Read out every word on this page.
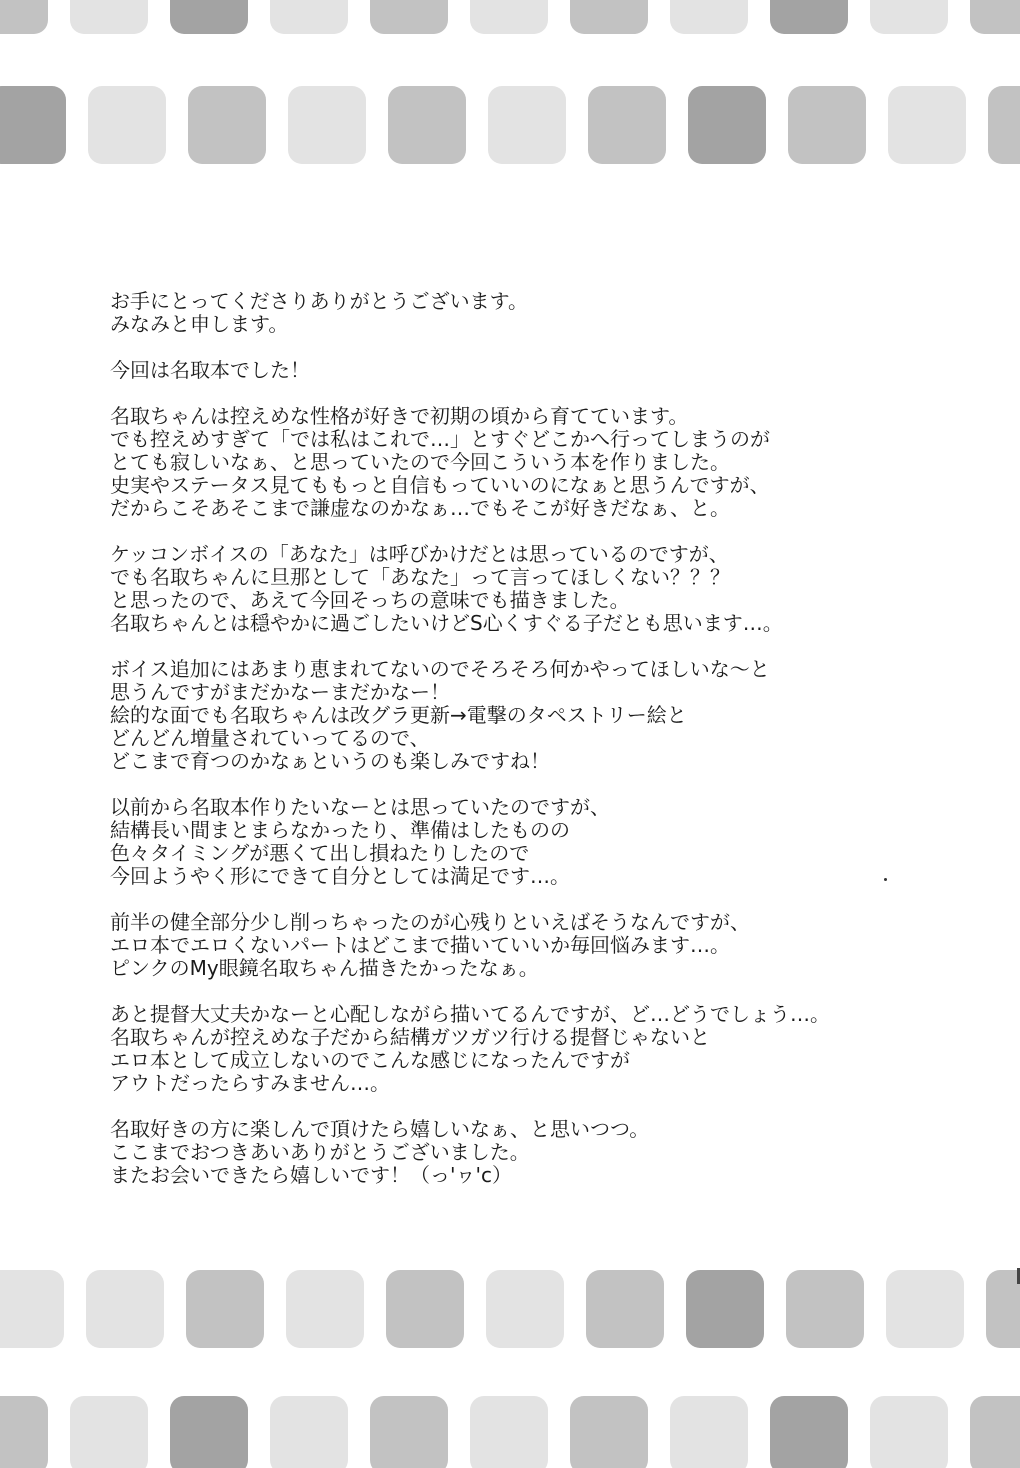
お手にとってくださりありがとうございます。
みなみと申します。
今回は名取本でした！
名取ちゃんは控えめな性格が好きで初期の頃から育てています。
でも控えめすぎて「では私はこれで…」とすぐどこかへ行ってしまうのが
とても寂しいなぁ、と思っていたので今回こういう本を作りました。
史実やステータス見てももっと自信もっていいのになぁと思うんですが、
だからこそあそこまで謙虚なのかなぁ…でもそこが好きだなぁ、と。
ケッコンボイスの「あなた」は呼びかけだとは思っているのですが、
でも名取ちゃんに旦那として「あなた」って言ってほしくない？？？
と思ったので、あえて今回そっちの意味でも描きました。
名取ちゃんとは穏やかに過ごしたいけどS心くすぐる子だとも思います…。
ボイス追加にはあまり恵まれてないのでそろそろ何かやってほしいな～と
思うんですがまだかなーまだかなー！
絵的な面でも名取ちゃんは改グラ更新→電撃のタペストリー絵と
どんどん増量されていってるので、
どこまで育つのかなぁというのも楽しみですね！
以前から名取本作りたいなーとは思っていたのですが、
結構長い間まとまらなかったり、準備はしたものの
色々タイミングが悪くて出し損ねたりしたので
今回ようやく形にできて自分としては満足です…。
前半の健全部分少し削っちゃったのが心残りといえばそうなんですが、
エロ本でエロくないパートはどこまで描いていいか毎回悩みます…。
ピンクのMy眼鏡名取ちゃん描きたかったなぁ。
あと提督大丈夫かなーと心配しながら描いてるんですが、ど…どうでしょう…。
名取ちゃんが控えめな子だから結構ガツガツ行ける提督じゃないと
エロ本として成立しないのでこんな感じになったんですが
アウトだったらすみません…。
名取好きの方に楽しんで頂けたら嬉しいなぁ、と思いつつ。
ここまでおつきあいありがとうございました。
またお会いできたら嬉しいです！（っ'ヮ'c）
